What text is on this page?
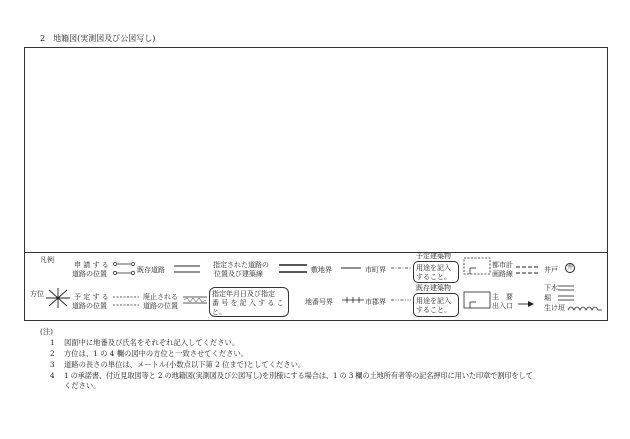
2　地籍図(実測図及び公図写し)
凡例
方位
申 請 す る
道路の位置
予 定 す る
道路の位置
既存道路
廃止される
道路の位置
指定された道路の
位置及び建築線
指定年月日及び指定
番 号 を 記 入 す る こ
と。
敷地界
地番号界
市町界
市郡界
予定建築物
用途を記入
すること。
既存建築物
用途を記入
すること。
都市計
画路線
主　要
出入口
井戸 井
下水
堀
生け垣
(注)
1 図面中に地番及び氏名をそれぞれ記入してください。
2 方位は、1 の 4 欄の図中の方位と一致させてください。
3 道路の長さの単位は、メートル(小数点以下第 2 位まで)としてください。
4 1 の承諾書、付近見取図等と 2 の地籍図(実測図及び公図写し)を別様にする場合は、1 の 3 欄の土地所有者等の記名押印に用いた印章で割印をして
ください。
